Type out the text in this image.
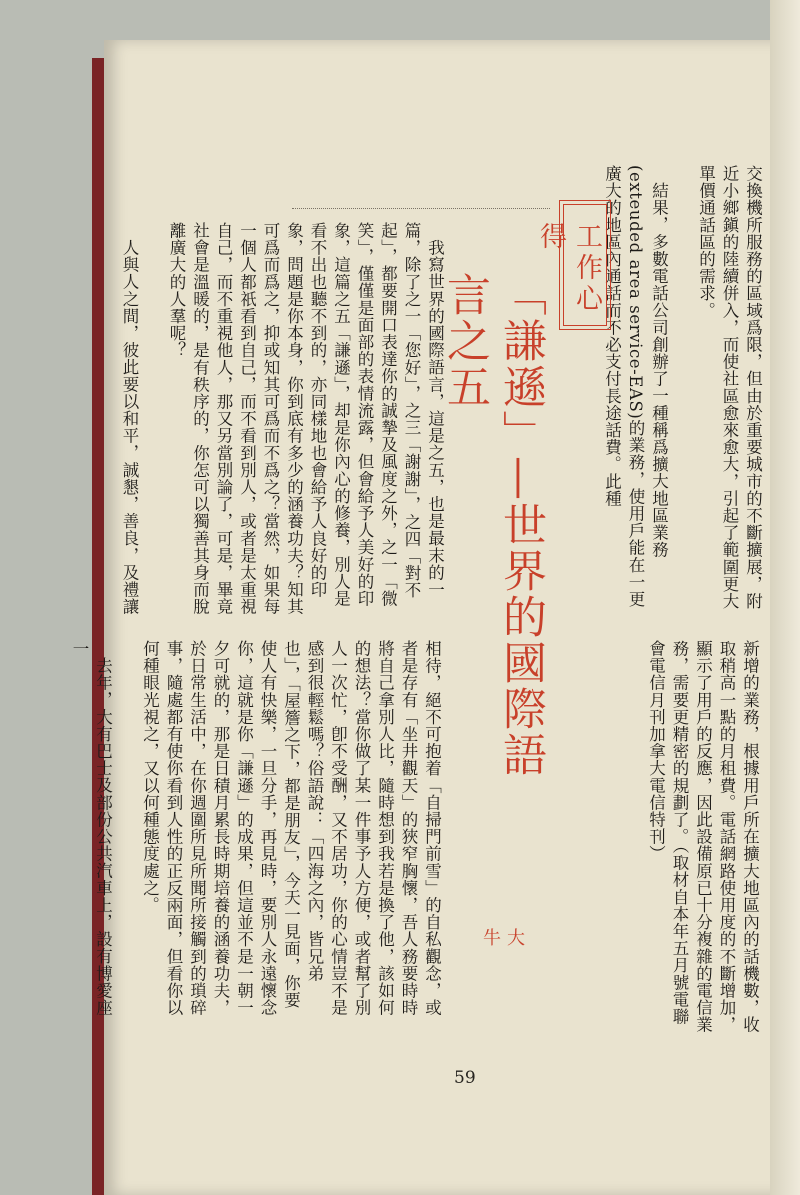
交換機所服務的區域爲限，但由於重要城市的不斷擴展，附近小鄉鎭的陸續併入，而使社區愈來愈大，引起了範圍更大單價通話區的需求。

結果，多數電話公司創辦了一種稱爲擴大地區業務(exteuded area service-EAS)的業務，使用戶能在一更廣大的地區內通話而不必支付長途話費。此種

新增的業務，根據用戶所在擴大地區內的話機數，收取稍高一點的月租費。電話網路使用度的不斷增加，顯示了用戶的反應，因此設備原已十分複雜的電信業務，需要更精密的規劃了。（取材自本年五月號電聯會電信月刊加拿大電信特刊）

工作心得
「謙遜」—世界的國際語言之五

我寫世界的國際語言，這是之五，也是最末的一篇，除了之一「您好」，之三「謝謝」，之四「對不起」，都要開口表達你的誠摯及風度之外，之一「微笑」，僅僅是面部的表情流露，但會給予人美好的印象，這篇之五「謙遜」，却是你內心的修養，別人是看不出也聽不到的，亦同樣地也會給予人良好的印象，問題是你本身，你到底有多少的涵養功夫？知其可爲而爲之，抑或知其可爲而不爲之？當然，如果每一個人都祇看到自己，而不看到別人，或者是太重視自己，而不重視他人，那又另當別論了，可是，畢竟社會是溫暖的，是有秩序的，你怎可以獨善其身而脫離廣大的人羣呢？

人與人之間，彼此要以和平，誠懇，善良，及禮讓

相待，絕不可抱着「自掃門前雪」的自私觀念，或者是存有「坐井觀天」的狹窄胸懷，吾人務要時時將自己拿別人比，隨時想到我若是換了他，該如何的想法？當你做了某一件事予人方便，或者幫了別人一次忙，卽不受酬，又不居功，你的心情豈不是感到很輕鬆嗎？俗語說：「四海之內，皆兄弟也」，「屋簷之下，都是朋友」，今天一見面，你要使人有快樂，一旦分手，再見時，要別人永遠懷念你，這就是你「謙遜」的成果，但這並不是一朝一夕可就的，那是日積月累長時期培養的涵養功夫，於日常生活中，在你週圍所見所聞所接觸到的瑣碎事，隨處都有使你看到人性的正反兩面，但看你以何種眼光視之，又以何種態度處之。

去年，大有巴士及部份公共汽車上，設有博愛座一

大　牛
59
